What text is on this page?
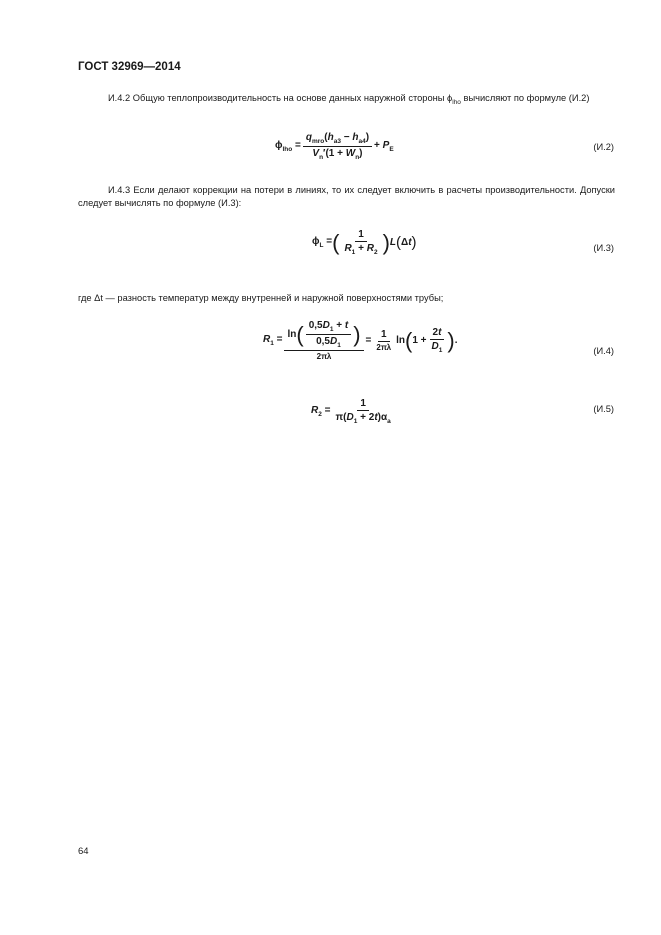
ГОСТ 32969—2014
И.4.2 Общую теплопроизводительность на основе данных наружной стороны $\phi_{lho}$ вычисляют по формуле (И.2)
$\phi_{lho} = \frac{q_{mro}(h_{a3} - h_{a4})}{V_n'(1 + W_n)} + P_E$	(И.2)
И.4.3 Если делают коррекции на потери в линиях, то их следует включить в расчеты производительности. Допуски следует вычислять по формуле (И.3):
$\phi_L$ = ( $\frac{1}{R_1 + R_2}$ ) L(Δt)	(И.3)
где Δt — разность температур между внутренней и наружной поверхностями трубы;
$R_1 = \ln$ ( $\frac{0,5D_1 + t}{0,5D_1}$ )
2πλ
= $\frac{1}{2\pi\lambda}$ ln ( $1 + \frac{2t}{D_1}$ ) .
(И.4)
$R_2 = \frac{1}{\pi(D_1 + 2t)\alpha_a}$	(И.5)
64
